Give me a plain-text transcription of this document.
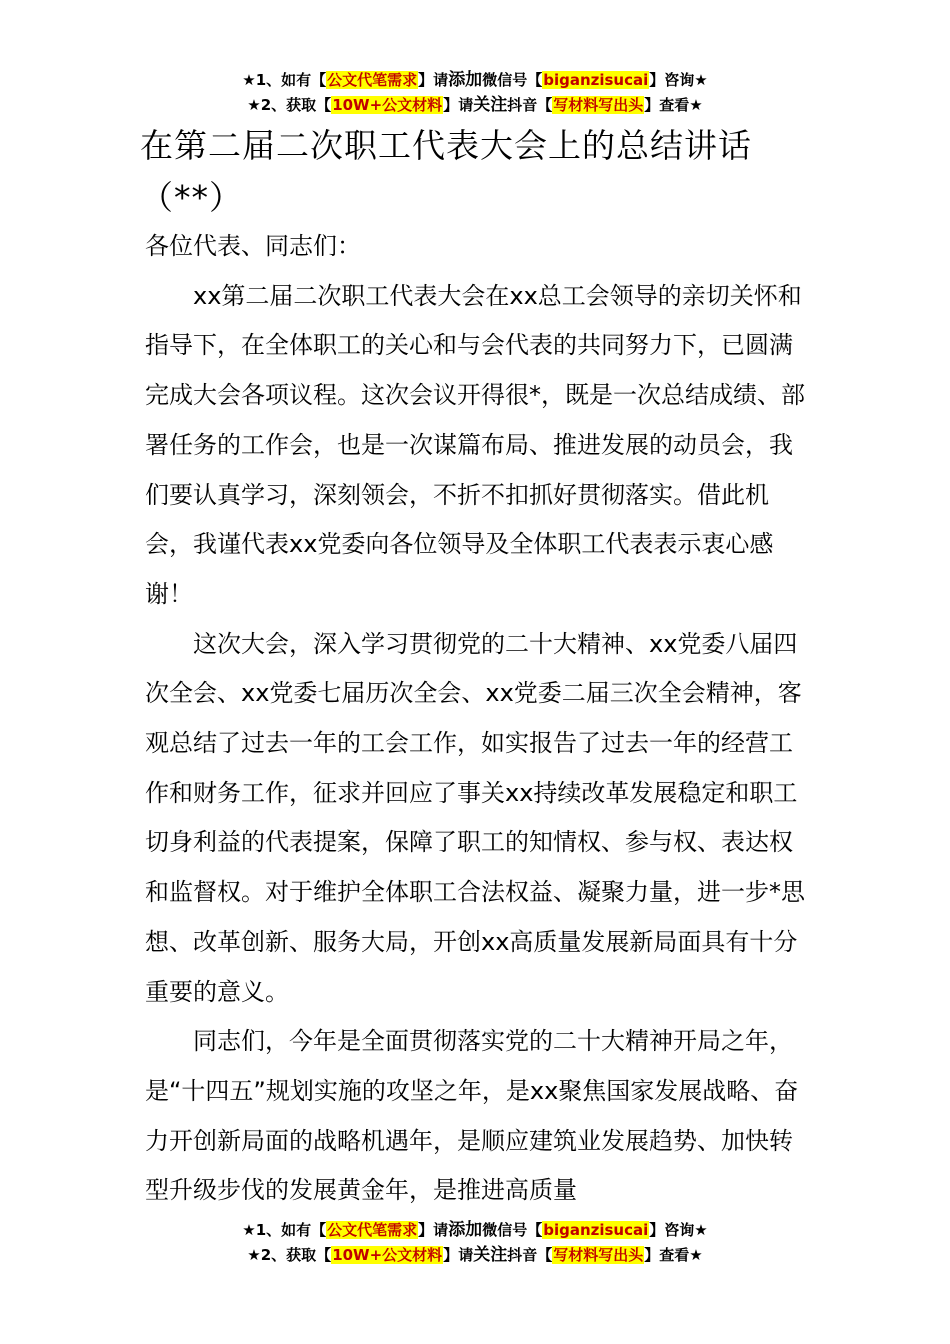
★1、如有【公文代笔需求】请添加微信号【biganzisucai】咨询★
★2、获取【10W+公文材料】请关注抖音【写材料写出头】查看★
在第二届二次职工代表大会上的总结讲话
（**）

各位代表、同志们：

xx第二届二次职工代表大会在xx总工会领导的亲切关怀和指导下，在全体职工的关心和与会代表的共同努力下，已圆满完成大会各项议程。这次会议开得很*，既是一次总结成绩、部署任务的工作会，也是一次谋篇布局、推进发展的动员会，我们要认真学习，深刻领会，不折不扣抓好贯彻落实。借此机会，我谨代表xx党委向各位领导及全体职工代表表示衷心感谢！

这次大会，深入学习贯彻党的二十大精神、xx党委八届四次全会、xx党委七届历次全会、xx党委二届三次全会精神，客观总结了过去一年的工会工作，如实报告了过去一年的经营工作和财务工作，征求并回应了事关xx持续改革发展稳定和职工切身利益的代表提案，保障了职工的知情权、参与权、表达权和监督权。对于维护全体职工合法权益、凝聚力量，进一步*思想、改革创新、服务大局，开创xx高质量发展新局面具有十分重要的意义。

同志们，今年是全面贯彻落实党的二十大精神开局之年，是“十四五”规划实施的攻坚之年，是xx聚焦国家发展战略、奋力开创新局面的战略机遇年，是顺应建筑业发展趋势、加快转型升级步伐的发展黄金年，是推进高质量

★1、如有【公文代笔需求】请添加微信号【biganzisucai】咨询★
★2、获取【10W+公文材料】请关注抖音【写材料写出头】查看★
